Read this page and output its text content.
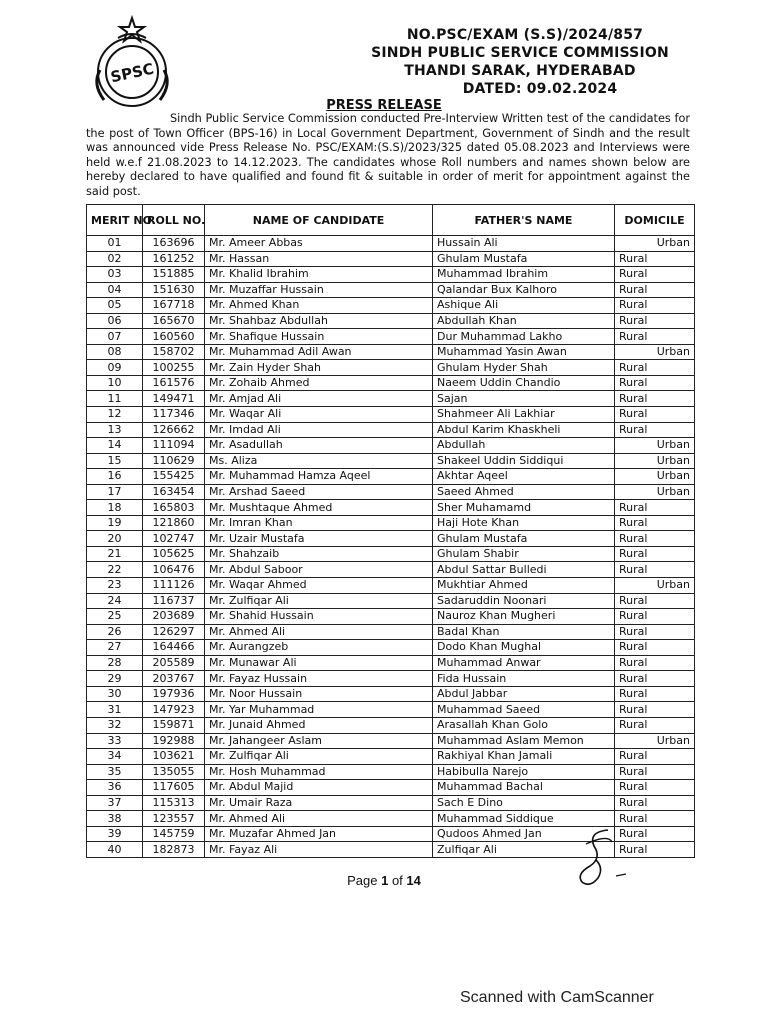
SPSC
NO.PSC/EXAM (S.S)/2024/857
SINDH PUBLIC SERVICE COMMISSION
THANDI SARAK, HYDERABAD
DATED: 09.02.2024
PRESS RELEASE

Sindh Public Service Commission conducted Pre-Interview Written test of the candidates for the post of Town Officer (BPS-16) in Local Government Department, Government of Sindh and the result was announced vide Press Release No. PSC/EXAM:(S.S)/2023/325 dated 05.08.2023 and Interviews were held w.e.f 21.08.2023 to 14.12.2023. The candidates whose Roll numbers and names shown below are hereby declared to have qualified and found fit & suitable in order of merit for appointment against the said post.

MERIT NO.	ROLL NO.	NAME OF CANDIDATE	FATHER'S NAME	DOMICILE
01	163696	Mr. Ameer Abbas	Hussain Ali	Urban
02	161252	Mr. Hassan	Ghulam Mustafa	Rural
03	151885	Mr. Khalid Ibrahim	Muhammad Ibrahim	Rural
04	151630	Mr. Muzaffar Hussain	Qalandar Bux Kalhoro	Rural
05	167718	Mr. Ahmed Khan	Ashique Ali	Rural
06	165670	Mr. Shahbaz Abdullah	Abdullah Khan	Rural
07	160560	Mr. Shafique Hussain	Dur Muhammad Lakho	Rural
08	158702	Mr. Muhammad Adil Awan	Muhammad Yasin Awan	Urban
09	100255	Mr. Zain Hyder Shah	Ghulam Hyder Shah	Rural
10	161576	Mr. Zohaib Ahmed	Naeem Uddin Chandio	Rural
11	149471	Mr. Amjad Ali	Sajan	Rural
12	117346	Mr. Waqar Ali	Shahmeer Ali Lakhiar	Rural
13	126662	Mr. Imdad Ali	Abdul Karim Khaskheli	Rural
14	111094	Mr. Asadullah	Abdullah	Urban
15	110629	Ms. Aliza	Shakeel Uddin Siddiqui	Urban
16	155425	Mr. Muhammad Hamza Aqeel	Akhtar Aqeel	Urban
17	163454	Mr. Arshad Saeed	Saeed Ahmed	Urban
18	165803	Mr. Mushtaque Ahmed	Sher Muhamamd	Rural
19	121860	Mr. Imran Khan	Haji Hote Khan	Rural
20	102747	Mr. Uzair Mustafa	Ghulam Mustafa	Rural
21	105625	Mr. Shahzaib	Ghulam Shabir	Rural
22	106476	Mr. Abdul Saboor	Abdul Sattar Bulledi	Rural
23	111126	Mr. Waqar Ahmed	Mukhtiar Ahmed	Urban
24	116737	Mr. Zulfiqar Ali	Sadaruddin Noonari	Rural
25	203689	Mr. Shahid Hussain	Nauroz Khan Mugheri	Rural
26	126297	Mr. Ahmed Ali	Badal Khan	Rural
27	164466	Mr. Aurangzeb	Dodo Khan Mughal	Rural
28	205589	Mr. Munawar Ali	Muhammad Anwar	Rural
29	203767	Mr. Fayaz Hussain	Fida Hussain	Rural
30	197936	Mr. Noor Hussain	Abdul Jabbar	Rural
31	147923	Mr. Yar Muhammad	Muhammad Saeed	Rural
32	159871	Mr. Junaid Ahmed	Arasallah Khan Golo	Rural
33	192988	Mr. Jahangeer Aslam	Muhammad Aslam Memon	Urban
34	103621	Mr. Zulfiqar Ali	Rakhiyal Khan Jamali	Rural
35	135055	Mr. Hosh Muhammad	Habibulla Narejo	Rural
36	117605	Mr. Abdul Majid	Muhammad Bachal	Rural
37	115313	Mr. Umair Raza	Sach E Dino	Rural
38	123557	Mr. Ahmed Ali	Muhammad Siddique	Rural
39	145759	Mr. Muzafar Ahmed Jan	Qudoos Ahmed Jan	Rural
40	182873	Mr. Fayaz Ali	Zulfiqar Ali	Rural
Page 1 of 14
Scanned with CamScanner
